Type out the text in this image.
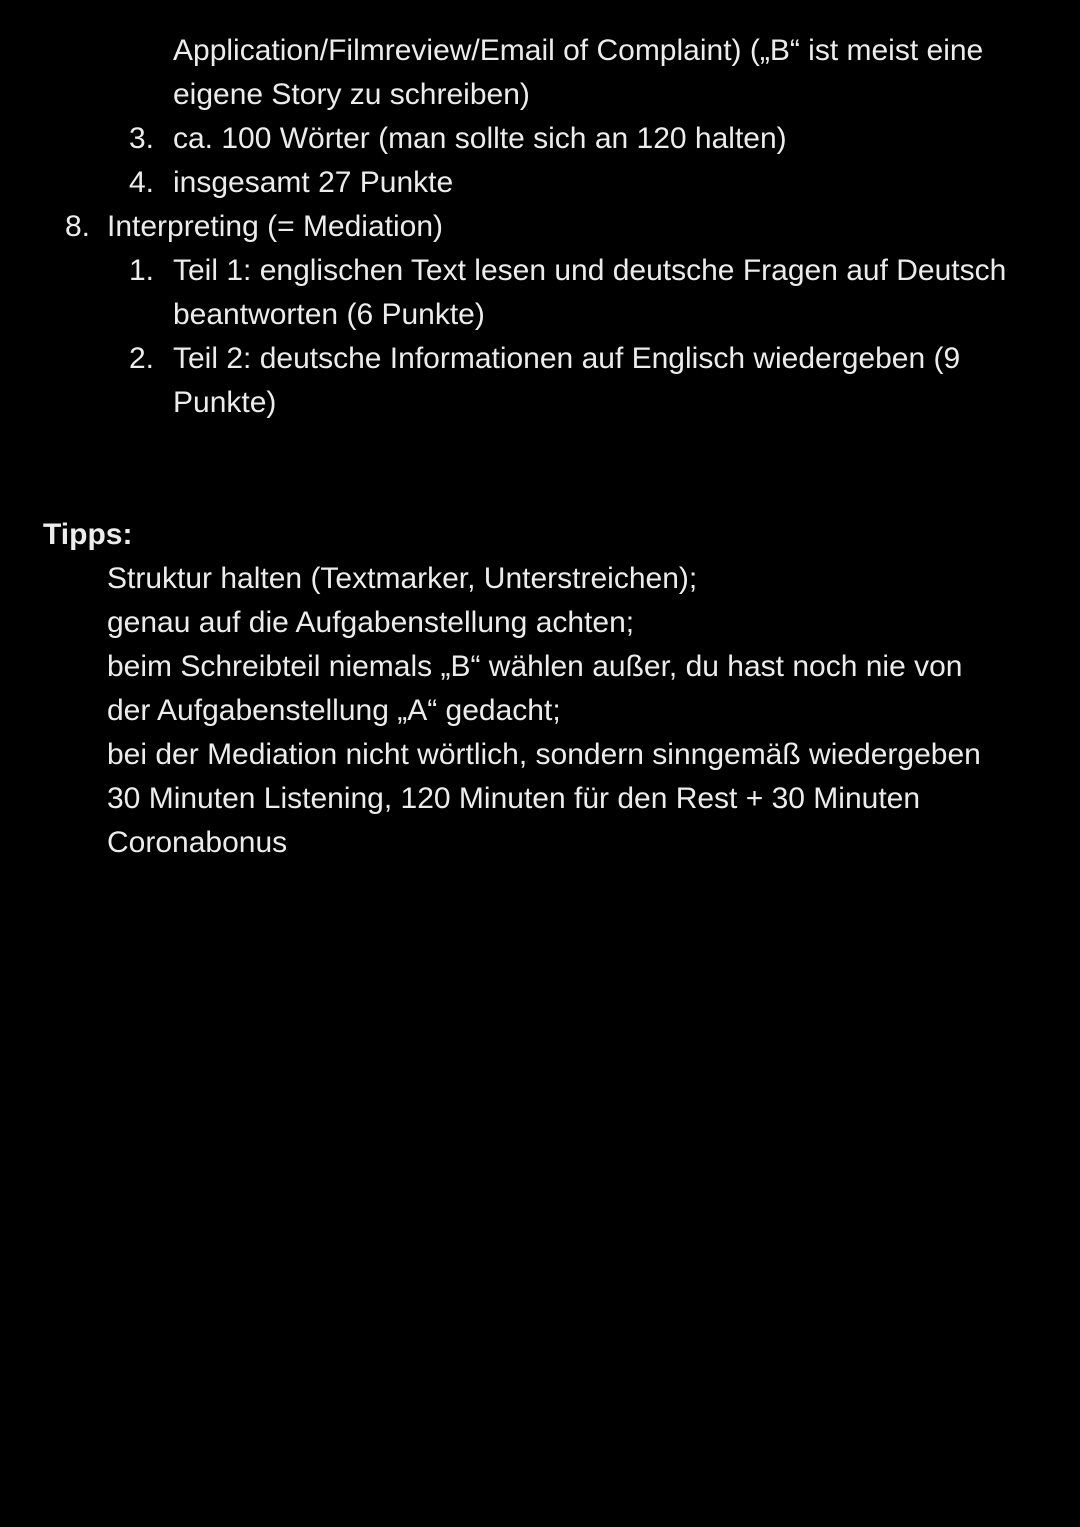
Application/Filmreview/Email of Complaint) („B“ ist meist eine
eigene Story zu schreiben)
3. ca. 100 Wörter (man sollte sich an 120 halten)
4. insgesamt 27 Punkte
8. Interpreting (= Mediation)
1. Teil 1: englischen Text lesen und deutsche Fragen auf Deutsch
beantworten (6 Punkte)
2. Teil 2: deutsche Informationen auf Englisch wiedergeben (9
Punkte)
Tipps:
Struktur halten (Textmarker, Unterstreichen);
genau auf die Aufgabenstellung achten;
beim Schreibteil niemals „B“ wählen außer, du hast noch nie von
der Aufgabenstellung „A“ gedacht;
bei der Mediation nicht wörtlich, sondern sinngemäß wiedergeben
30 Minuten Listening, 120 Minuten für den Rest + 30 Minuten
Coronabonus
